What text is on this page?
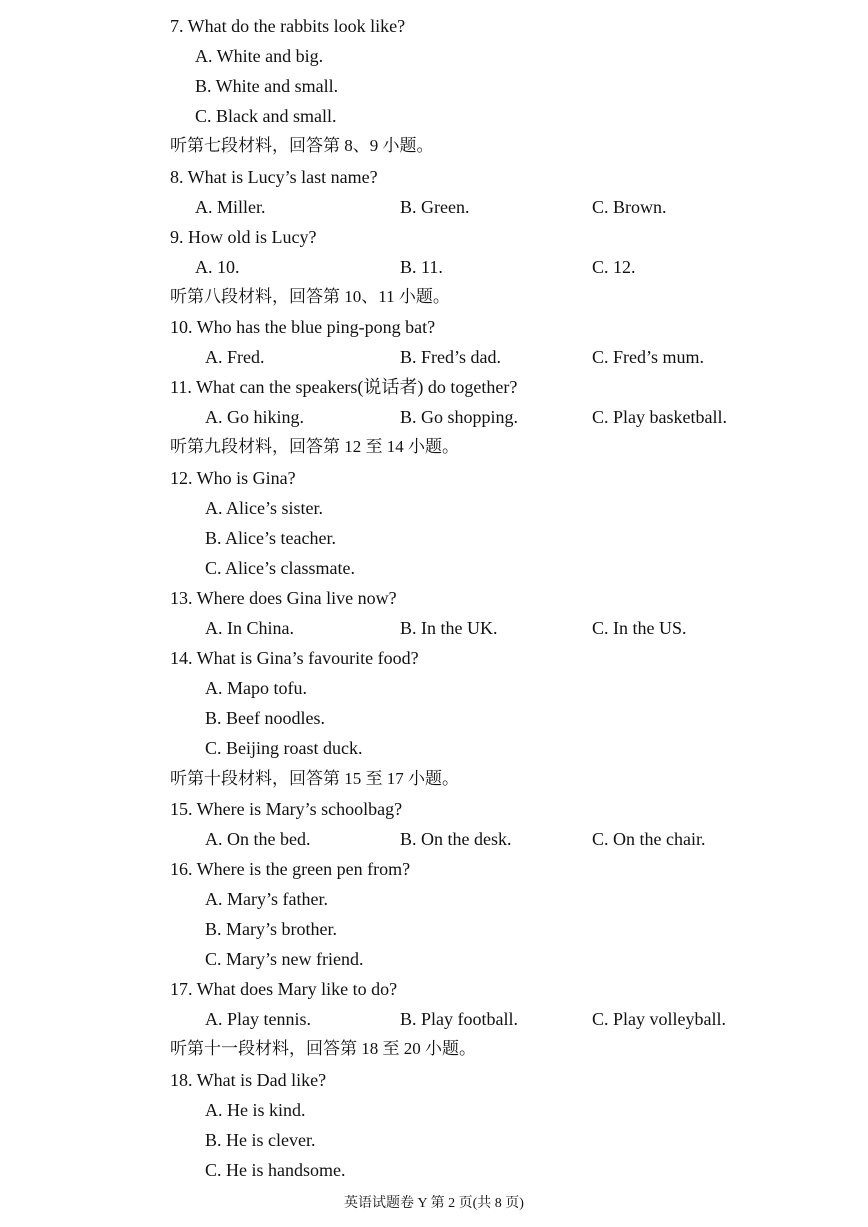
7. What do the rabbits look like?
A. White and big.
B. White and small.
C. Black and small.
听第七段材料，回答第 8、9 小题。
8. What is Lucy’s last name?
A. Miller.	B. Green.	C. Brown.
9. How old is Lucy?
A. 10.	B. 11.	C. 12.
听第八段材料，回答第 10、11 小题。
10. Who has the blue ping-pong bat?
A. Fred.	B. Fred’s dad.	C. Fred’s mum.
11. What can the speakers(说话者) do together?
A. Go hiking.	B. Go shopping.	C. Play basketball.
听第九段材料，回答第 12 至 14 小题。
12. Who is Gina?
A. Alice’s sister.
B. Alice’s teacher.
C. Alice’s classmate.
13. Where does Gina live now?
A. In China.	B. In the UK.	C. In the US.
14. What is Gina’s favourite food?
A. Mapo tofu.
B. Beef noodles.
C. Beijing roast duck.
听第十段材料，回答第 15 至 17 小题。
15. Where is Mary’s schoolbag?
A. On the bed.	B. On the desk.	C. On the chair.
16. Where is the green pen from?
A. Mary’s father.
B. Mary’s brother.
C. Mary’s new friend.
17. What does Mary like to do?
A. Play tennis.	B. Play football.	C. Play volleyball.
听第十一段材料，回答第 18 至 20 小题。
18. What is Dad like?
A. He is kind.
B. He is clever.
C. He is handsome.
英语试题卷 Y 第 2 页(共 8 页)
